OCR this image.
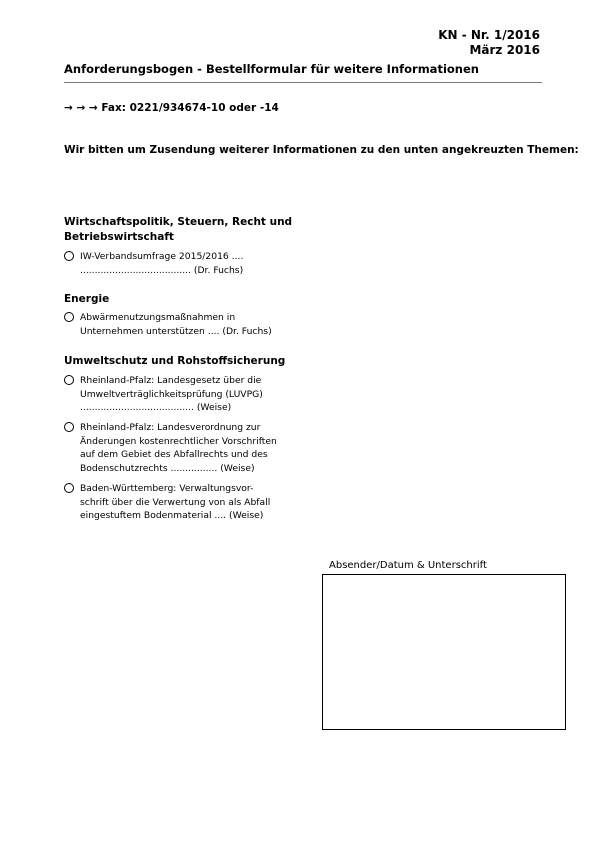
KN - Nr. 1/2016
März 2016
Anforderungsbogen - Bestellformular für weitere Informationen
→ → → Fax: 0221/934674-10 oder -14
Wir bitten um Zusendung weiterer Informationen zu den unten angekreuzten Themen:
Wirtschaftspolitik, Steuern, Recht und
Betriebswirtschaft
IW-Verbandsumfrage 2015/2016 ....
...................................... (Dr. Fuchs)
Energie
Abwärmenutzungsmaßnahmen in
Unternehmen unterstützen .... (Dr. Fuchs)
Umweltschutz und Rohstoffsicherung
Rheinland-Pfalz: Landesgesetz über die
Umweltverträglichkeitsprüfung (LUVPG)
....................................... (Weise)
Rheinland-Pfalz: Landesverordnung zur
Änderungen kostenrechtlicher Vorschriften
auf dem Gebiet des Abfallrechts und des
Bodenschutzrechts ................ (Weise)
Baden-Württemberg: Verwaltungsvor-
schrift über die Verwertung von als Abfall
eingestuftem Bodenmaterial .... (Weise)
Absender/Datum & Unterschrift
